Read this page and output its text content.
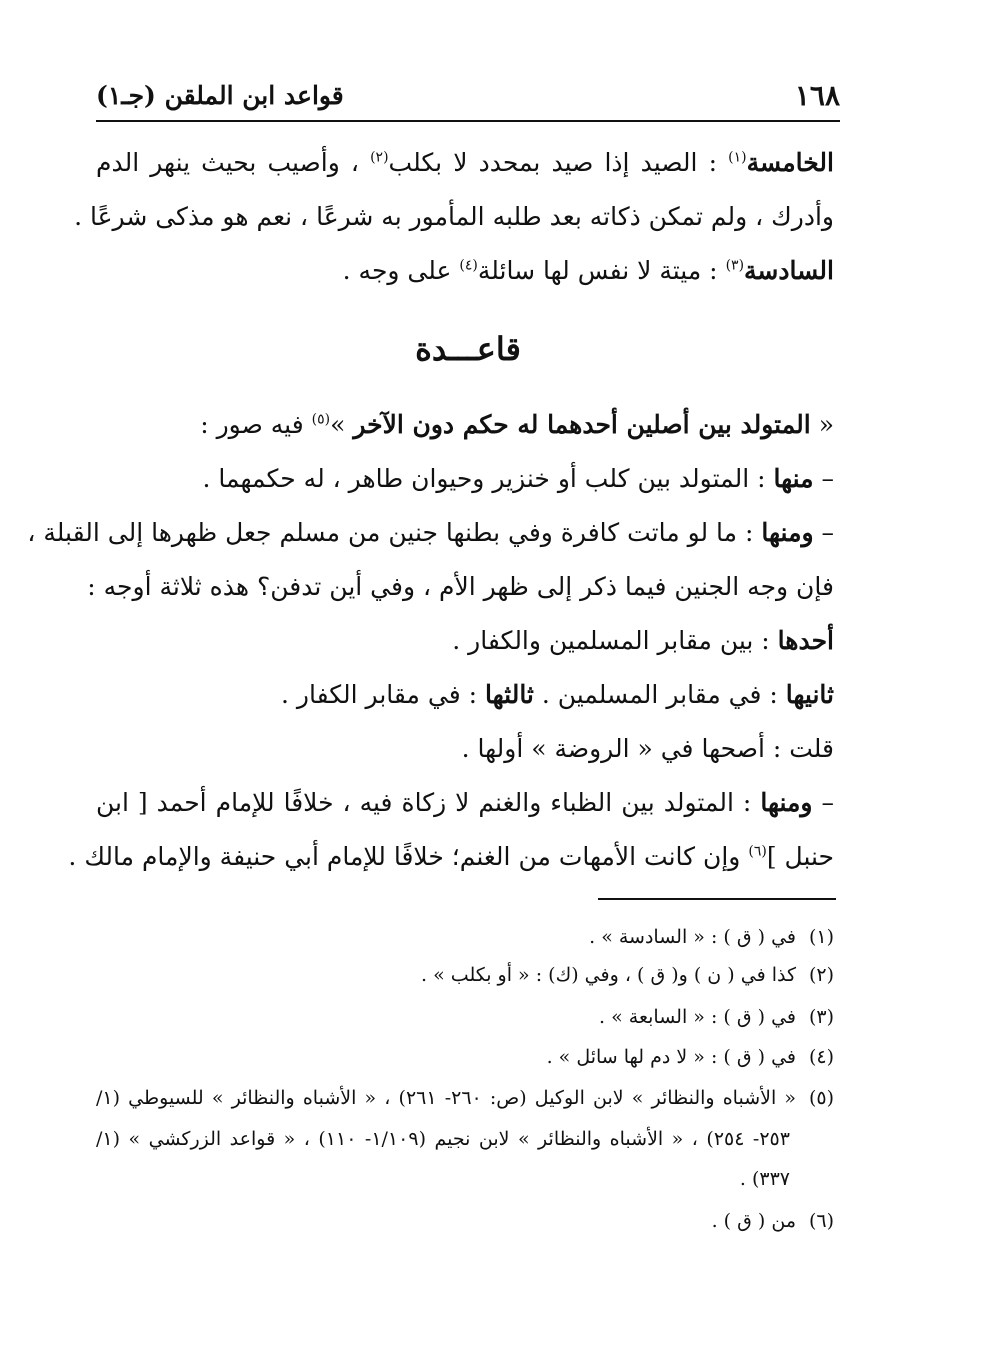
١٦٨
قواعد ابن الملقن (جـ١)
الخامسة$^{(١)}$ : الصيد إذا صيد بمحدد لا بكلب$^{(٢)}$ ، وأصيب بحيث ينهر الدم
وأدرك ، ولم تمكن ذكاته بعد طلبه المأمور به شرعًا ، نعم هو مذكى شرعًا .
السادسة$^{(٣)}$ : ميتة لا نفس لها سائلة$^{(٤)}$ على وجه .
قاعـــدة
« المتولد بين أصلين أحدهما له حكم دون الآخر »$^{(٥)}$ فيه صور :
– منها : المتولد بين كلب أو خنزير وحيوان طاهر ، له حكمهما .
– ومنها : ما لو ماتت كافرة وفي بطنها جنين من مسلم جعل ظهرها إلى القبلة ،
فإن وجه الجنين فيما ذكر إلى ظهر الأم ، وفي أين تدفن؟ هذه ثلاثة أوجه :
أحدها : بين مقابر المسلمين والكفار .
ثانيها : في مقابر المسلمين . ثالثها : في مقابر الكفار .
قلت : أصحها في « الروضة » أولها .
– ومنها : المتولد بين الظباء والغنم لا زكاة فيه ، خلافًا للإمام أحمد [ ابن
حنبل ]$^{(٦)}$ وإن كانت الأمهات من الغنم؛ خلافًا للإمام أبي حنيفة والإمام مالك .
(١)في ( ق ) : « السادسة » .
(٢)كذا في ( ن ) و( ق ) ، وفي (ك) : « أو بكلب » .
(٣)في ( ق ) : « السابعة » .
(٤)في ( ق ) : « لا دم لها سائل » .
(٥)« الأشباه والنظائر » لابن الوكيل (ص: ٢٦٠- ٢٦١) ، « الأشباه والنظائر » للسيوطي (١/
٢٥٣- ٢٥٤) ، « الأشباه والنظائر » لابن نجيم (١/١٠٩- ١١٠) ، « قواعد الزركشي » (١/
٣٣٧) .
(٦)من ( ق ) .
